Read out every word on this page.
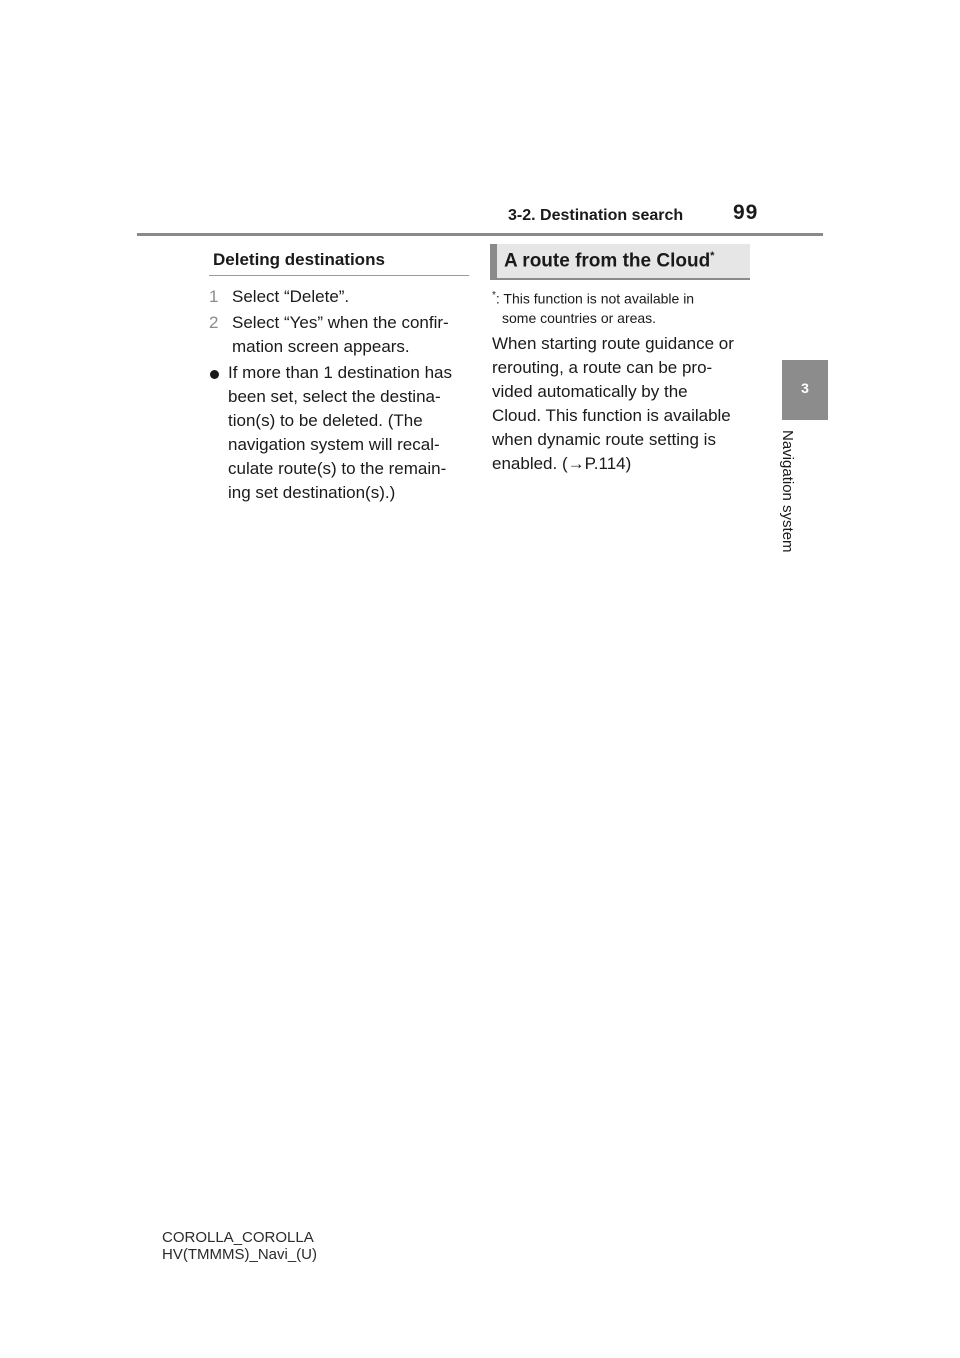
3-2. Destination search 99
3
Navigation system
Deleting destinations
1 Select “Delete”.
2 Select “Yes” when the confir-mation screen appears.
If more than 1 destination has
been set, select the destina-
tion(s) to be deleted. (The
navigation system will recal-
culate route(s) to the remain-
ing set destination(s).)
A route from the Cloud*
*: This function is not available in
some countries or areas.
When starting route guidance or
rerouting, a route can be pro-
vided automatically by the
Cloud. This function is available
when dynamic route setting is
enabled. (→P.114)
COROLLA_COROLLA
HV(TMMMS)_Navi_(U)
